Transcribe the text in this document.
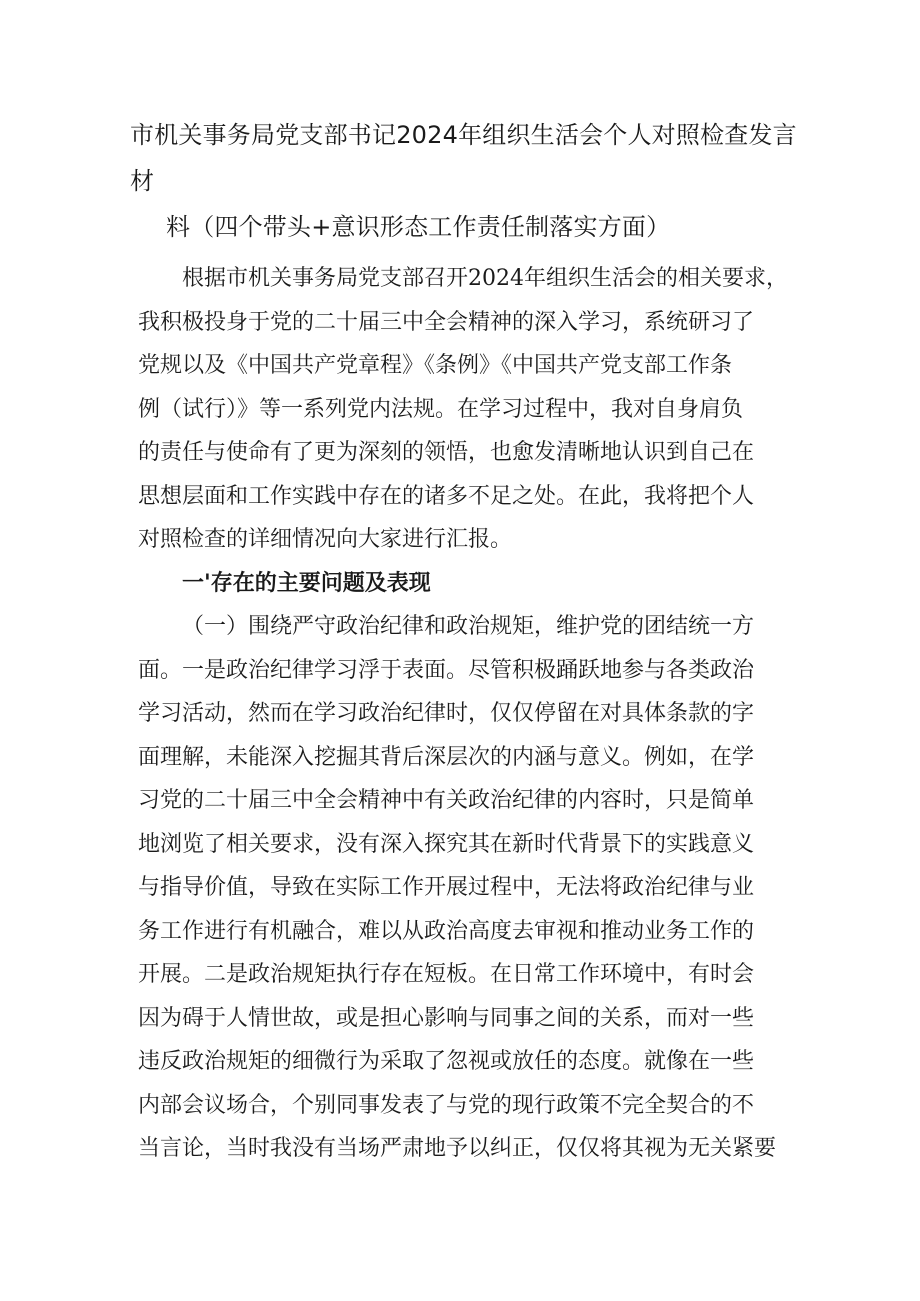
市机关事务局党支部书记2024年组织生活会个人对照检查发言材
料（四个带头+意识形态工作责任制落实方面）

根据市机关事务局党支部召开2024年组织生活会的相关要求，
我积极投身于党的二十届三中全会精神的深入学习，系统研习了
党规以及《中国共产党章程》《条例》《中国共产党支部工作条
例（试行）》等一系列党内法规。在学习过程中，我对自身肩负
的责任与使命有了更为深刻的领悟，也愈发清晰地认识到自己在
思想层面和工作实践中存在的诸多不足之处。在此，我将把个人
对照检查的详细情况向大家进行汇报。

一'存在的主要问题及表现

（一）围绕严守政治纪律和政治规矩，维护党的团结统一方
面。一是政治纪律学习浮于表面。尽管积极踊跃地参与各类政治
学习活动，然而在学习政治纪律时，仅仅停留在对具体条款的字
面理解，未能深入挖掘其背后深层次的内涵与意义。例如，在学
习党的二十届三中全会精神中有关政治纪律的内容时，只是简单
地浏览了相关要求，没有深入探究其在新时代背景下的实践意义
与指导价值，导致在实际工作开展过程中，无法将政治纪律与业
务工作进行有机融合，难以从政治高度去审视和推动业务工作的
开展。二是政治规矩执行存在短板。在日常工作环境中，有时会
因为碍于人情世故，或是担心影响与同事之间的关系，而对一些
违反政治规矩的细微行为采取了忽视或放任的态度。就像在一些
内部会议场合，个别同事发表了与党的现行政策不完全契合的不
当言论，当时我没有当场严肃地予以纠正，仅仅将其视为无关紧要
